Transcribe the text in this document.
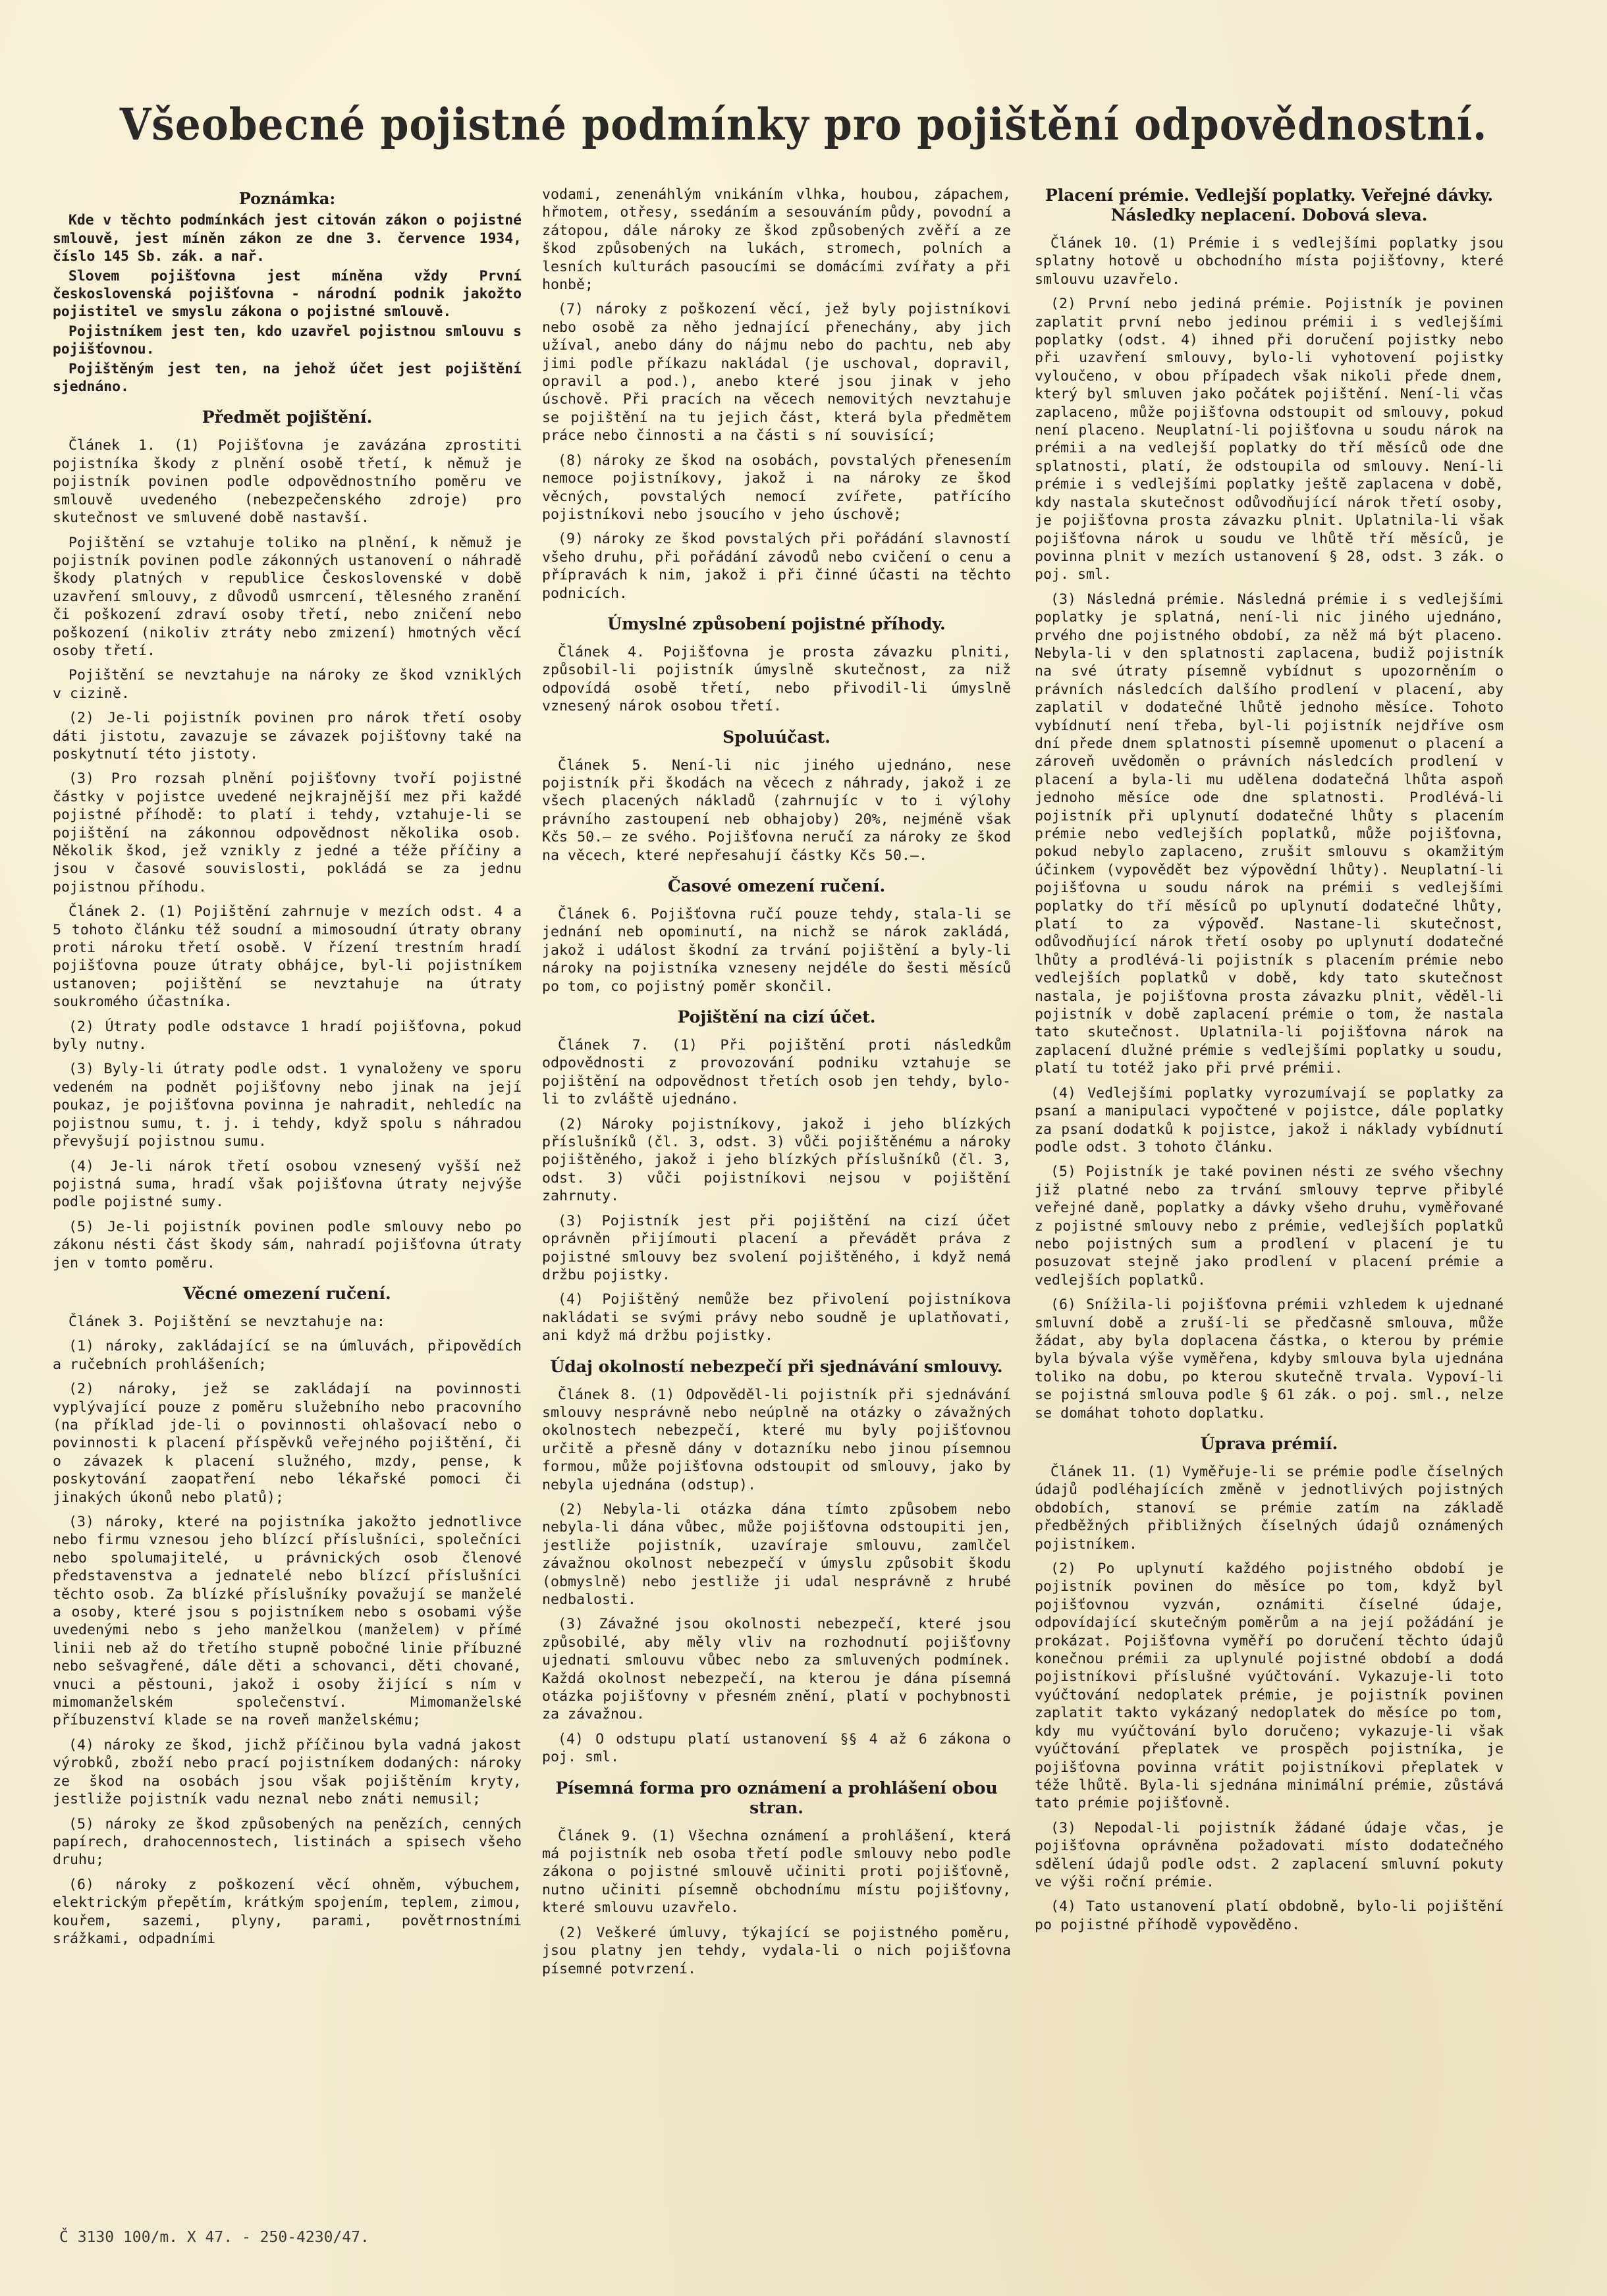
Všeobecné pojistné podmínky pro pojištění odpovědnostní.
Poznámka:

Kde v těchto podmínkách jest citován zákon o pojistné smlouvě, jest míněn zákon ze dne 3. července 1934, číslo 145 Sb. zák. a nař.

Slovem pojišťovna jest míněna vždy První československá pojišťovna - národní podnik jakožto pojistitel ve smyslu zákona o pojistné smlouvě.

Pojistníkem jest ten, kdo uzavřel pojistnou smlouvu s pojišťovnou.

Pojištěným jest ten, na jehož účet jest pojištění sjednáno.

Předmět pojištění.

Článek 1. (1) Pojišťovna je zavázána zprostiti pojistníka škody z plnění osobě třetí, k němuž je pojistník povinen podle odpovědnostního poměru ve smlouvě uvedeného (nebezpečenského zdroje) pro skutečnost ve smluvené době nastavší.

Pojištění se vztahuje toliko na plnění, k němuž je pojistník povinen podle zákonných ustanovení o náhradě škody platných v republice Československé v době uzavření smlouvy, z důvodů usmrcení, tělesného zranění či poškození zdraví osoby třetí, nebo zničení nebo poškození (nikoliv ztráty nebo zmizení) hmotných věcí osoby třetí.

Pojištění se nevztahuje na nároky ze škod vzniklých v cizině.

(2) Je-li pojistník povinen pro nárok třetí osoby dáti jistotu, zavazuje se závazek pojišťovny také na poskytnutí této jistoty.

(3) Pro rozsah plnění pojišťovny tvoří pojistné částky v pojistce uvedené nejkrajnější mez při každé pojistné příhodě: to platí i tehdy, vztahuje-li se pojištění na zákonnou odpovědnost několika osob. Několik škod, jež vznikly z jedné a téže příčiny a jsou v časové souvislosti, pokládá se za jednu pojistnou příhodu.

Článek 2. (1) Pojištění zahrnuje v mezích odst. 4 a 5 tohoto článku též soudní a mimosoudní útraty obrany proti nároku třetí osobě. V řízení trestním hradí pojišťovna pouze útraty obhájce, byl-li pojistníkem ustanoven; pojištění se nevztahuje na útraty soukromého účastníka.

(2) Útraty podle odstavce 1 hradí pojišťovna, pokud byly nutny.

(3) Byly-li útraty podle odst. 1 vynaloženy ve sporu vedeném na podnět pojišťovny nebo jinak na její poukaz, je pojišťovna povinna je nahradit, nehledíc na pojistnou sumu, t. j. i tehdy, když spolu s náhradou převyšují pojistnou sumu.

(4) Je-li nárok třetí osobou vznesený vyšší než pojistná suma, hradí však pojišťovna útraty nejvýše podle pojistné sumy.

(5) Je-li pojistník povinen podle smlouvy nebo po zákonu nésti část škody sám, nahradí pojišťovna útraty jen v tomto poměru.

Věcné omezení ručení.

Článek 3. Pojištění se nevztahuje na:

(1) nároky, zakládající se na úmluvách, připovědích a ručebních prohlášeních;

(2) nároky, jež se zakládají na povinnosti vyplývající pouze z poměru služebního nebo pracovního (na příklad jde-li o povinnosti ohlašovací nebo o povinnosti k placení příspěvků veřejného pojištění, či o závazek k placení služného, mzdy, pense, k poskytování zaopatření nebo lékařské pomoci či jinakých úkonů nebo platů);

(3) nároky, které na pojistníka jakožto jednotlivce nebo firmu vznesou jeho blízcí příslušníci, společníci nebo spolumajitelé, u právnických osob členové představenstva a jednatelé nebo blízcí příslušníci těchto osob. Za blízké příslušníky považují se manželé a osoby, které jsou s pojistníkem nebo s osobami výše uvedenými nebo s jeho manželkou (manželem) v přímé linii neb až do třetího stupně pobočné linie příbuzné nebo sešvagřené, dále děti a schovanci, děti chované, vnuci a pěstouni, jakož i osoby žijící s ním v mimomanželském společenství. Mimomanželské příbuzenství klade se na roveň manželskému;

(4) nároky ze škod, jichž příčinou byla vadná jakost výrobků, zboží nebo prací pojistníkem dodaných: nároky ze škod na osobách jsou však pojištěním kryty, jestliže pojistník vadu neznal nebo znáti nemusil;

(5) nároky ze škod způsobených na penězích, cenných papírech, drahocennostech, listinách a spisech všeho druhu;

(6) nároky z poškození věcí ohněm, výbuchem, elektrickým přepětím, krátkým spojením, teplem, zimou, kouřem, sazemi, plyny, parami, povětrnostními srážkami, odpadními

vodami, zenenáhlým vnikáním vlhka, houbou, zápachem, hřmotem, otřesy, ssedáním a sesouváním půdy, povodní a zátopou, dále nároky ze škod způsobených zvěří a ze škod způsobených na lukách, stromech, polních a lesních kulturách pasoucími se domácími zvířaty a při honbě;

(7) nároky z poškození věcí, jež byly pojistníkovi nebo osobě za něho jednající přenechány, aby jich užíval, anebo dány do nájmu nebo do pachtu, neb aby jimi podle příkazu nakládal (je uschoval, dopravil, opravil a pod.), anebo které jsou jinak v jeho úschově. Při pracích na věcech nemovitých nevztahuje se pojištění na tu jejich část, která byla předmětem práce nebo činnosti a na části s ní souvisící;

(8) nároky ze škod na osobách, povstalých přenesením nemoce pojistníkovy, jakož i na nároky ze škod věcných, povstalých nemocí zvířete, patřícího pojistníkovi nebo jsoucího v jeho úschově;

(9) nároky ze škod povstalých při pořádání slavností všeho druhu, při pořádání závodů nebo cvičení o cenu a přípravách k nim, jakož i při činné účasti na těchto podnicích.

Úmyslné způsobení pojistné příhody.

Článek 4. Pojišťovna je prosta závazku plniti, způsobil-li pojistník úmyslně skutečnost, za niž odpovídá osobě třetí, nebo přivodil-li úmyslně vznesený nárok osobou třetí.

Spoluúčast.

Článek 5. Není-li nic jiného ujednáno, nese pojistník při škodách na věcech z náhrady, jakož i ze všech placených nákladů (zahrnujíc v to i výlohy právního zastoupení neb obhajoby) 20%, nejméně však Kčs 50.— ze svého. Pojišťovna neručí za nároky ze škod na věcech, které nepřesahují částky Kčs 50.—.

Časové omezení ručení.

Článek 6. Pojišťovna ručí pouze tehdy, stala-li se jednání neb opominutí, na nichž se nárok zakládá, jakož i událost škodní za trvání pojištění a byly-li nároky na pojistníka vzneseny nejdéle do šesti měsíců po tom, co pojistný poměr skončil.

Pojištění na cizí účet.

Článek 7. (1) Při pojištění proti následkům odpovědnosti z provozování podniku vztahuje se pojištění na odpovědnost třetích osob jen tehdy, bylo-li to zvláště ujednáno.

(2) Nároky pojistníkovy, jakož i jeho blízkých příslušníků (čl. 3, odst. 3) vůči pojištěnému a nároky pojištěného, jakož i jeho blízkých příslušníků (čl. 3, odst. 3) vůči pojistníkovi nejsou v pojištění zahrnuty.

(3) Pojistník jest při pojištění na cizí účet oprávněn přijímouti placení a převádět práva z pojistné smlouvy bez svolení pojištěného, i když nemá držbu pojistky.

(4) Pojištěný nemůže bez přivolení pojistníkova nakládati se svými právy nebo soudně je uplatňovati, ani když má držbu pojistky.

Údaj okolností nebezpečí při sjednávání smlouvy.

Článek 8. (1) Odpověděl-li pojistník při sjednávání smlouvy nesprávně nebo neúplně na otázky o závažných okolnostech nebezpečí, které mu byly pojišťovnou určitě a přesně dány v dotazníku nebo jinou písemnou formou, může pojišťovna odstoupit od smlouvy, jako by nebyla ujednána (odstup).

(2) Nebyla-li otázka dána tímto způsobem nebo nebyla-li dána vůbec, může pojišťovna odstoupiti jen, jestliže pojistník, uzavíraje smlouvu, zamlčel závažnou okolnost nebezpečí v úmyslu způsobit škodu (obmyslně) nebo jestliže ji udal nesprávně z hrubé nedbalosti.

(3) Závažné jsou okolnosti nebezpečí, které jsou způsobilé, aby měly vliv na rozhodnutí pojišťovny ujednati smlouvu vůbec nebo za smluvených podmínek. Každá okolnost nebezpečí, na kterou je dána písemná otázka pojišťovny v přesném znění, platí v pochybnosti za závažnou.

(4) O odstupu platí ustanovení §§ 4 až 6 zákona o poj. sml.

Písemná forma pro oznámení a prohlášení obou stran.

Článek 9. (1) Všechna oznámení a prohlášení, která má pojistník neb osoba třetí podle smlouvy nebo podle zákona o pojistné smlouvě učiniti proti pojišťovně, nutno učiniti písemně obchodnímu místu pojišťovny, které smlouvu uzavřelo.

(2) Veškeré úmluvy, týkající se pojistného poměru, jsou platny jen tehdy, vydala-li o nich pojišťovna písemné potvrzení.

Placení prémie. Vedlejší poplatky. Veřejné dávky. Následky neplacení. Dobová sleva.

Článek 10. (1) Prémie i s vedlejšími poplatky jsou splatny hotově u obchodního místa pojišťovny, které smlouvu uzavřelo.

(2) První nebo jediná prémie. Pojistník je povinen zaplatit první nebo jedinou prémii i s vedlejšími poplatky (odst. 4) ihned při doručení pojistky nebo při uzavření smlouvy, bylo-li vyhotovení pojistky vyloučeno, v obou případech však nikoli přede dnem, který byl smluven jako počátek pojištění. Není-li včas zaplaceno, může pojišťovna odstoupit od smlouvy, pokud není placeno. Neuplatní-li pojišťovna u soudu nárok na prémii a na vedlejší poplatky do tří měsíců ode dne splatnosti, platí, že odstoupila od smlouvy. Není-li prémie i s vedlejšími poplatky ještě zaplacena v době, kdy nastala skutečnost odůvodňující nárok třetí osoby, je pojišťovna prosta závazku plnit. Uplatnila-li však pojišťovna nárok u soudu ve lhůtě tří měsíců, je povinna plnit v mezích ustanovení § 28, odst. 3 zák. o poj. sml.

(3) Následná prémie. Následná prémie i s vedlejšími poplatky je splatná, není-li nic jiného ujednáno, prvého dne pojistného období, za něž má být placeno. Nebyla-li v den splatnosti zaplacena, budiž pojistník na své útraty písemně vybídnut s upozorněním o právních následcích dalšího prodlení v placení, aby zaplatil v dodatečné lhůtě jednoho měsíce. Tohoto vybídnutí není třeba, byl-li pojistník nejdříve osm dní přede dnem splatnosti písemně upomenut o placení a zároveň uvědoměn o právních následcích prodlení v placení a byla-li mu udělena dodatečná lhůta aspoň jednoho měsíce ode dne splatnosti. Prodlévá-li pojistník při uplynutí dodatečné lhůty s placením prémie nebo vedlejších poplatků, může pojišťovna, pokud nebylo zaplaceno, zrušit smlouvu s okamžitým účinkem (vypovědět bez výpovědní lhůty). Neuplatní-li pojišťovna u soudu nárok na prémii s vedlejšími poplatky do tří měsíců po uplynutí dodatečné lhůty, platí to za výpověď. Nastane-li skutečnost, odůvodňující nárok třetí osoby po uplynutí dodatečné lhůty a prodlévá-li pojistník s placením prémie nebo vedlejších poplatků v době, kdy tato skutečnost nastala, je pojišťovna prosta závazku plnit, věděl-li pojistník v době zaplacení prémie o tom, že nastala tato skutečnost. Uplatnila-li pojišťovna nárok na zaplacení dlužné prémie s vedlejšími poplatky u soudu, platí tu totéž jako při prvé prémii.

(4) Vedlejšími poplatky vyrozumívají se poplatky za psaní a manipulaci vypočtené v pojistce, dále poplatky za psaní dodatků k pojistce, jakož i náklady vybídnutí podle odst. 3 tohoto článku.

(5) Pojistník je také povinen nésti ze svého všechny již platné nebo za trvání smlouvy teprve přibylé veřejné daně, poplatky a dávky všeho druhu, vyměřované z pojistné smlouvy nebo z prémie, vedlejších poplatků nebo pojistných sum a prodlení v placení je tu posuzovat stejně jako prodlení v placení prémie a vedlejších poplatků.

(6) Snížila-li pojišťovna prémii vzhledem k ujednané smluvní době a zruší-li se předčasně smlouva, může žádat, aby byla doplacena částka, o kterou by prémie byla bývala výše vyměřena, kdyby smlouva byla ujednána toliko na dobu, po kterou skutečně trvala. Vypoví-li se pojistná smlouva podle § 61 zák. o poj. sml., nelze se domáhat tohoto doplatku.

Úprava prémií.

Článek 11. (1) Vyměřuje-li se prémie podle číselných údajů podléhajících změně v jednotlivých pojistných obdobích, stanoví se prémie zatím na základě předběžných přibližných číselných údajů oznámených pojistníkem.

(2) Po uplynutí každého pojistného období je pojistník povinen do měsíce po tom, když byl pojišťovnou vyzván, oznámiti číselné údaje, odpovídající skutečným poměrům a na její požádání je prokázat. Pojišťovna vyměří po doručení těchto údajů konečnou prémii za uplynulé pojistné období a dodá pojistníkovi příslušné vyúčtování. Vykazuje-li toto vyúčtování nedoplatek prémie, je pojistník povinen zaplatit takto vykázaný nedoplatek do měsíce po tom, kdy mu vyúčtování bylo doručeno; vykazuje-li však vyúčtování přeplatek ve prospěch pojistníka, je pojišťovna povinna vrátit pojistníkovi přeplatek v téže lhůtě. Byla-li sjednána minimální prémie, zůstává tato prémie pojišťovně.

(3) Nepodal-li pojistník žádané údaje včas, je pojišťovna oprávněna požadovati místo dodatečného sdělení údajů podle odst. 2 zaplacení smluvní pokuty ve výši roční prémie.

(4) Tato ustanovení platí obdobně, bylo-li pojištění po pojistné příhodě vypověděno.

Č 3130 100/m. X 47. - 250-4230/47.
